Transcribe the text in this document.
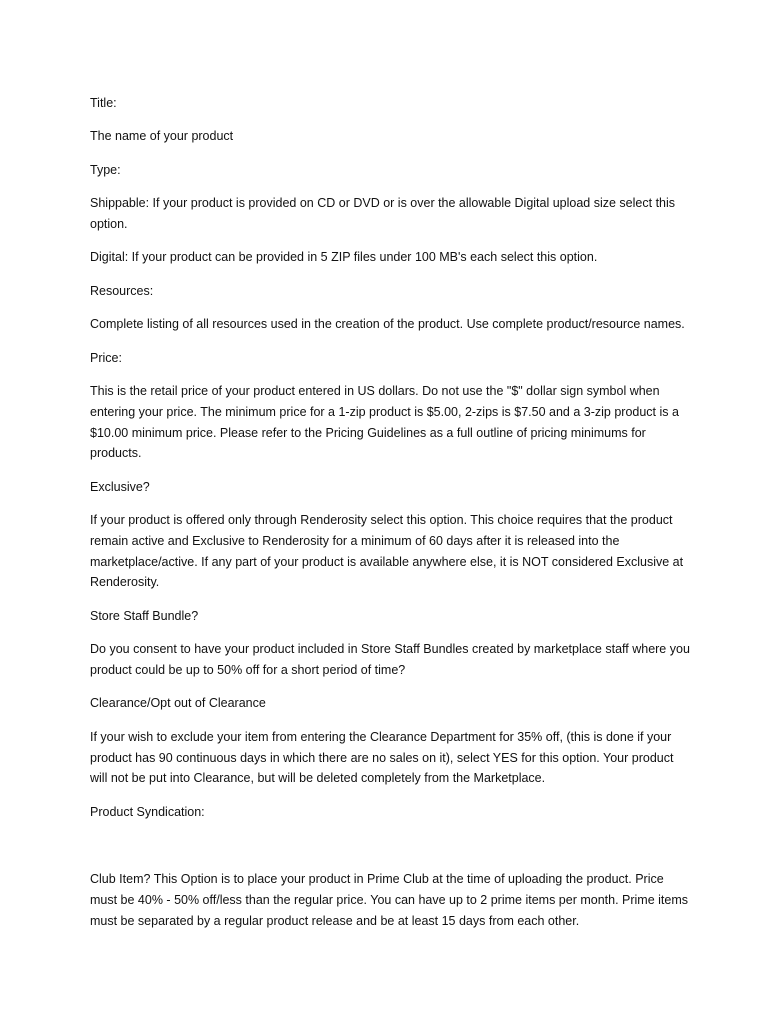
Title:

The name of your product

Type:

Shippable: If your product is provided on CD or DVD or is over the allowable Digital upload size select this option.

Digital: If your product can be provided in 5 ZIP files under 100 MB's each select this option.

Resources:

Complete listing of all resources used in the creation of the product. Use complete product/resource names.

Price:

This is the retail price of your product entered in US dollars. Do not use the "$" dollar sign symbol when entering your price. The minimum price for a 1-zip product is $5.00, 2-zips is $7.50 and a 3-zip product is a $10.00 minimum price. Please refer to the Pricing Guidelines as a full outline of pricing minimums for products.

Exclusive?

If your product is offered only through Renderosity select this option. This choice requires that the product remain active and Exclusive to Renderosity for a minimum of 60 days after it is released into the marketplace/active. If any part of your product is available anywhere else, it is NOT considered Exclusive at Renderosity.

Store Staff Bundle?

Do you consent to have your product included in Store Staff Bundles created by marketplace staff where you product could be up to 50% off for a short period of time?

Clearance/Opt out of Clearance

If your wish to exclude your item from entering the Clearance Department for 35% off, (this is done if your product has 90 continuous days in which there are no sales on it), select YES for this option. Your product will not be put into Clearance, but will be deleted completely from the Marketplace.

Product Syndication:

Club Item? This Option is to place your product in Prime Club at the time of uploading the product. Price must be 40% - 50% off/less than the regular price. You can have up to 2 prime items per month. Prime items must be separated by a regular product release and be at least 15 days from each other.
